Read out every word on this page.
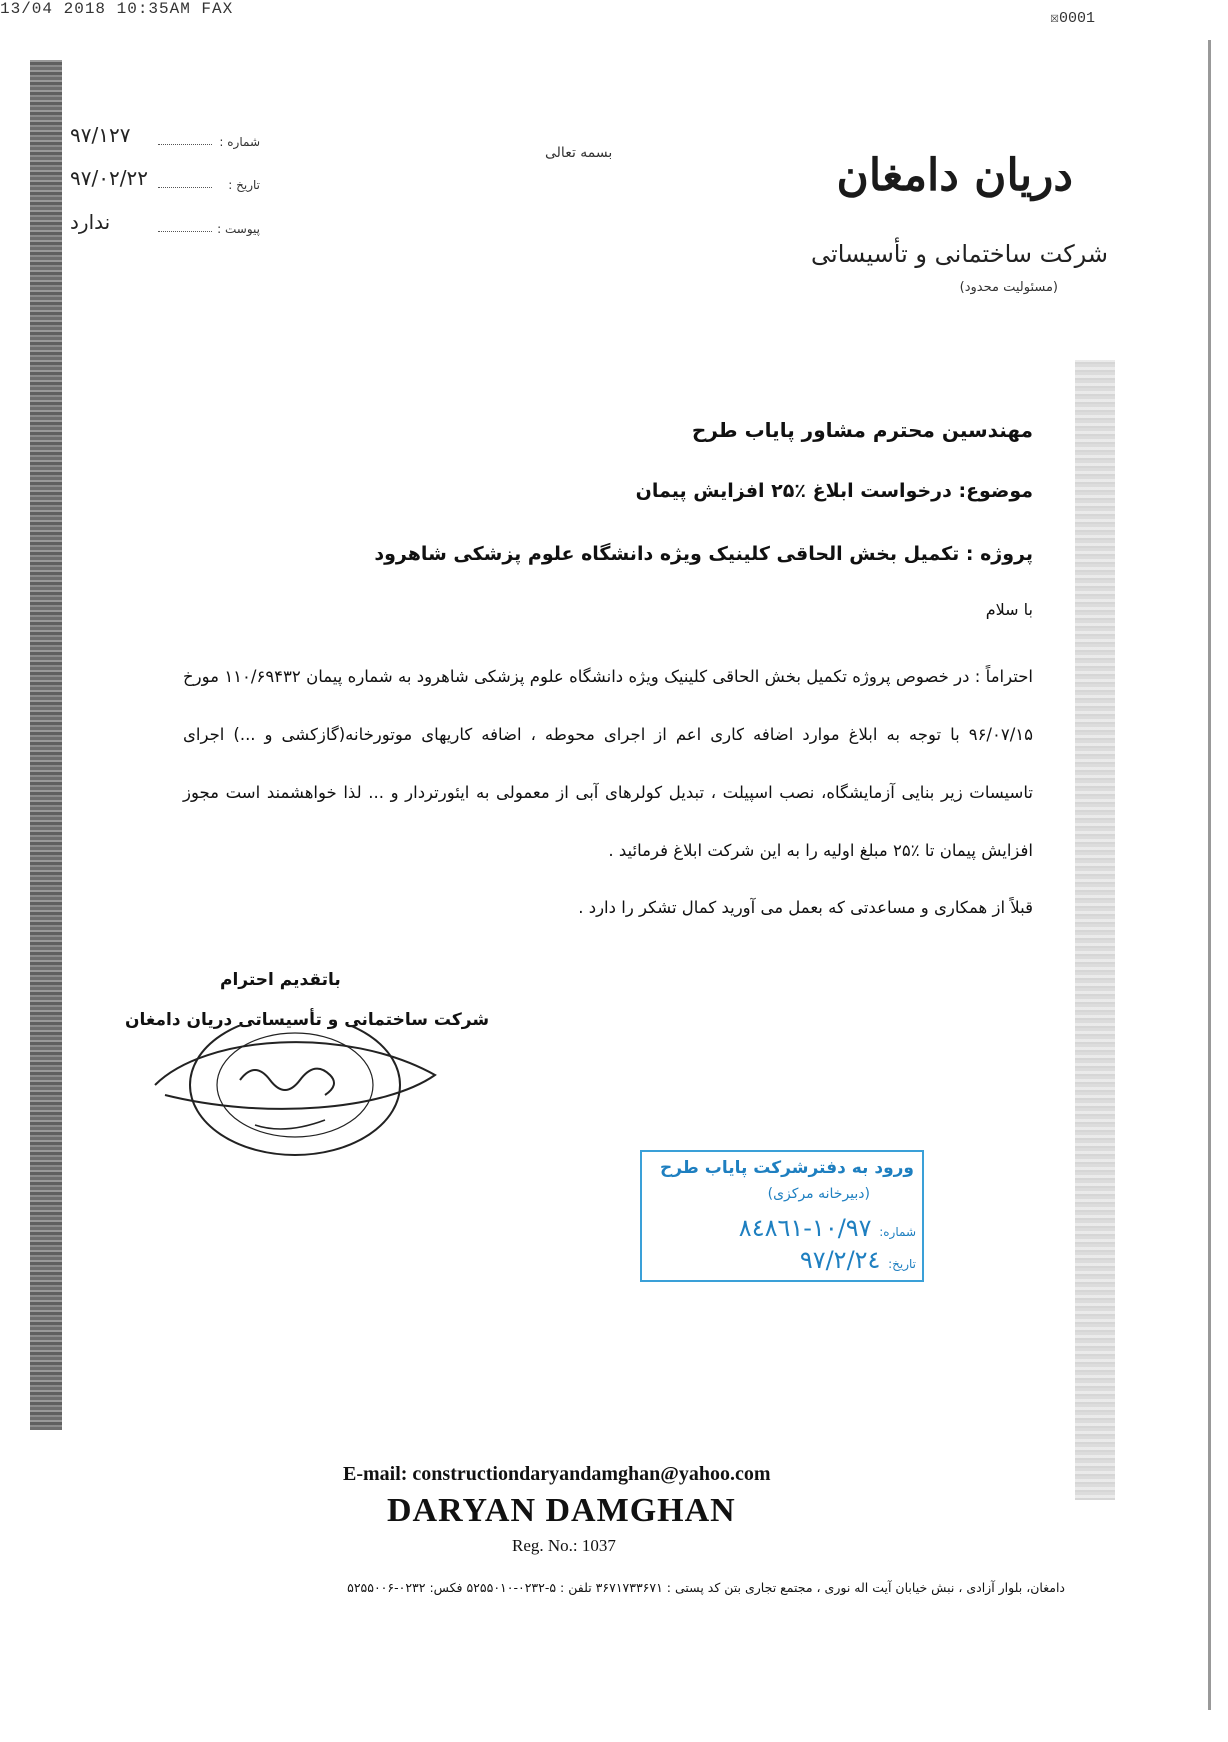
13/04 2018 10:35AM FAX
☒0001
۹۷/۱۲۷	شماره :
۹۷/۰۲/۲۲	تاریخ :
ندارد	پیوست :
بسمه تعالی	دریان دامغان
شرکت ساختمانی و تأسیساتی
(مسئولیت محدود)
مهندسین محترم مشاور پایاب طرح
موضوع: درخواست ابلاغ ٪۲۵ افزایش پیمان
پروژه : تکمیل بخش الحاقی کلینیک ویژه دانشگاه علوم پزشکی شاهرود
با سلام
احتراماً : در خصوص پروژه تکمیل بخش الحاقی کلینیک ویژه دانشگاه علوم پزشکی شاهرود به شماره پیمان ۱۱۰/۶۹۴۳۲ مورخ ۹۶/۰۷/۱۵ با توجه به ابلاغ موارد اضافه کاری اعم از اجرای محوطه ، اضافه کاریهای موتورخانه(گازکشی و ...) اجرای تاسیسات زیر بنایی آزمایشگاه، نصب اسپیلت ، تبدیل کولرهای آبی از معمولی به ایئورتردار و ... لذا خواهشمند است مجوز افزایش پیمان تا ٪۲۵ مبلغ اولیه را به این شرکت ابلاغ فرمائید .
قبلاً از همکاری و مساعدتی که بعمل می آورید کمال تشکر را دارد .
باتقدیم احترام
شرکت ساختمانی و تأسیساتی دریان دامغان
ورود به دفترشرکت پایاب طرح
(دبیرخانه مرکزی)
شماره: ۱۰/۹۷-۸٤۸٦۱
تاریخ: ۹۷/۲/۲٤
E-mail: constructiondaryandamghan@yahoo.com
DARYAN DAMGHAN
Reg. No.: 1037
دامغان، بلوار آزادی ، نبش خیابان آیت اله نوری ، مجتمع تجاری بتن کد پستی : ۳۶۷۱۷۳۳۶۷۱ تلفن : ۵-۰۲۳۲-۵۲۵۵۰۱۰ فکس: ۰۲۳۲-۵۲۵۵۰۰۶
